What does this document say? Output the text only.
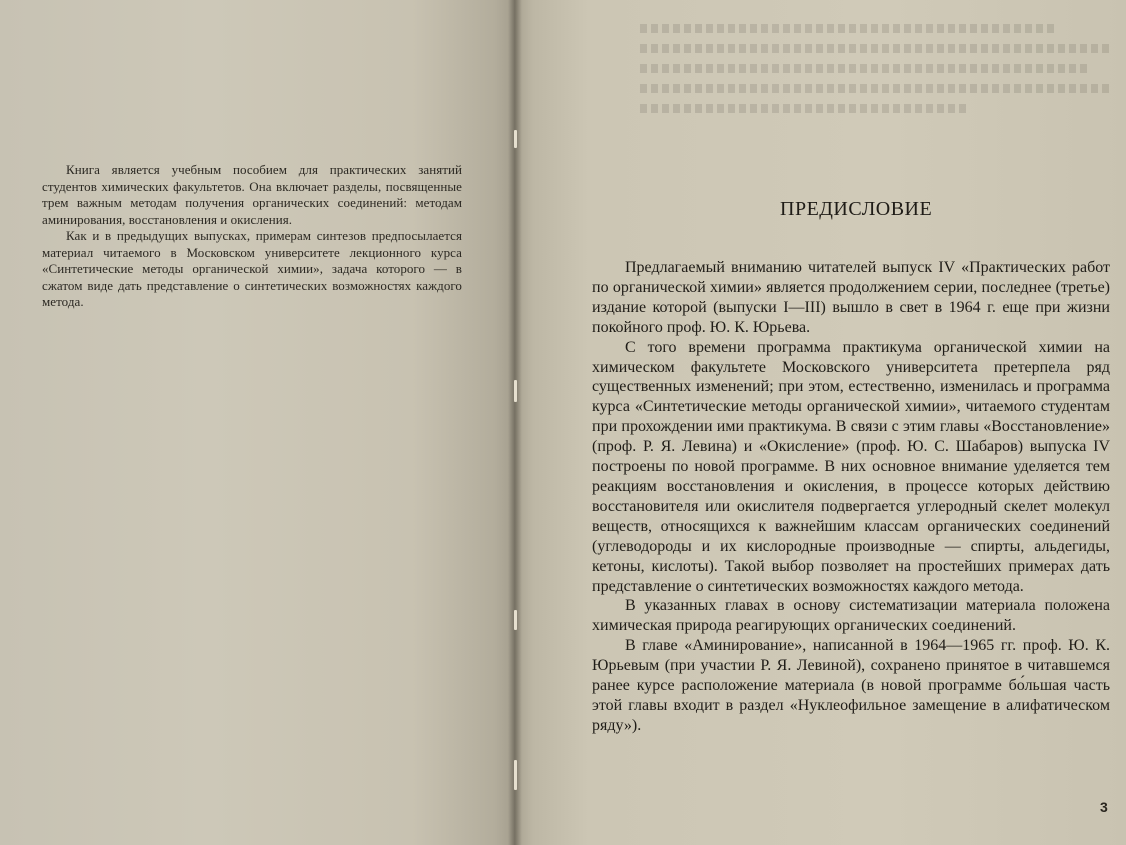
Книга является учебным пособием для практических занятий студентов химических факультетов. Она включает разделы, посвященные трем важным методам получения органических соединений: методам аминирования, восстановления и окисления.

Как и в предыдущих выпусках, примерам синтезов предпосылается материал читаемого в Московском университете лекционного курса «Синтетические методы органической химии», задача которого — в сжатом виде дать представление о синтетических возможностях каждого метода.

ПРЕДИСЛОВИЕ

Предлагаемый вниманию читателей выпуск IV «Практических работ по органической химии» является продолжением серии, последнее (третье) издание которой (выпуски I—III) вышло в свет в 1964 г. еще при жизни покойного проф. Ю. К. Юрьева.

С того времени программа практикума органической химии на химическом факультете Московского университета претерпела ряд существенных изменений; при этом, естественно, изменилась и программа курса «Синтетические методы органической химии», читаемого студентам при прохождении ими практикума. В связи с этим главы «Восстановление» (проф. Р. Я. Левина) и «Окисление» (проф. Ю. С. Шабаров) выпуска IV построены по новой программе. В них основное внимание уделяется тем реакциям восстановления и окисления, в процессе которых действию восстановителя или окислителя подвергается углеродный скелет молекул веществ, относящихся к важнейшим классам органических соединений (углеводороды и их кислородные производные — спирты, альдегиды, кетоны, кислоты). Такой выбор позволяет на простейших примерах дать представление о синтетических возможностях каждого метода.

В указанных главах в основу систематизации материала положена химическая природа реагирующих органических соединений.

В главе «Аминирование», написанной в 1964—1965 гг. проф. Ю. К. Юрьевым (при участии Р. Я. Левиной), сохранено принятое в читавшемся ранее курсе расположение материала (в новой программе бо́льшая часть этой главы входит в раздел «Нуклеофильное замещение в алифатическом ряду»).

3
